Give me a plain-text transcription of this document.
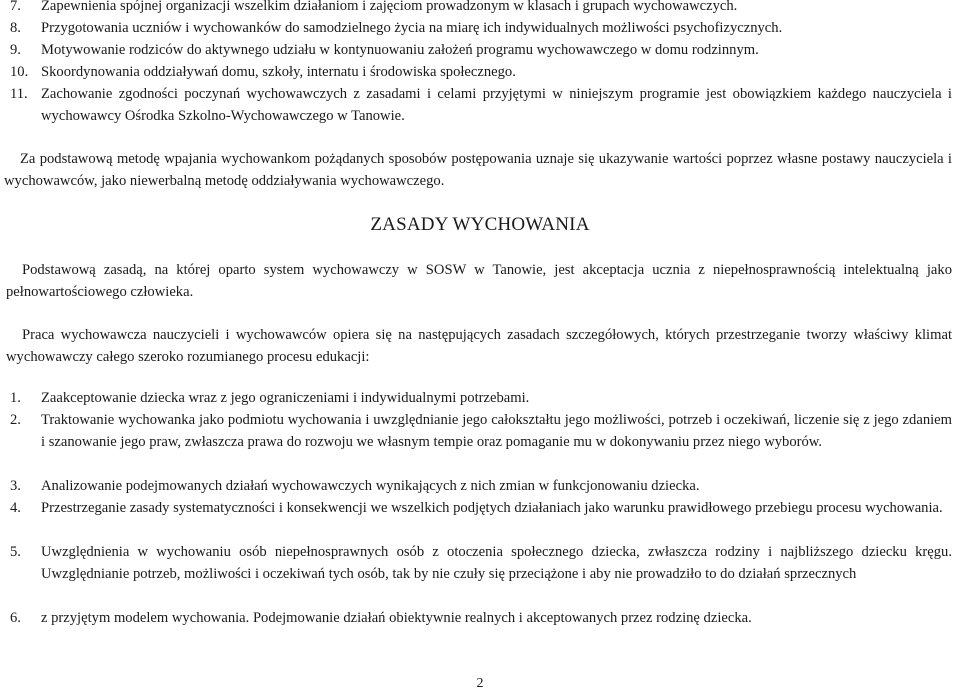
7. Zapewnienia spójnej organizacji wszelkim działaniom i zajęciom prowadzonym w klasach i grupach wychowawczych.
8. Przygotowania uczniów i wychowanków do samodzielnego życia na miarę ich indywidualnych możliwości psychofizycznych.
9. Motywowanie rodziców do aktywnego udziału w kontynuowaniu założeń programu wychowawczego w domu rodzinnym.
10. Skoordynowania oddziaływań domu, szkoły, internatu i środowiska społecznego.
11. Zachowanie zgodności poczynań wychowawczych z zasadami i celami przyjętymi w niniejszym programie jest obowiązkiem każdego nauczyciela i wychowawcy Ośrodka Szkolno-Wychowawczego w Tanowie.
Za podstawową metodę wpajania wychowankom pożądanych sposobów postępowania uznaje się ukazywanie wartości poprzez własne postawy nauczyciela i wychowawców, jako niewerbalną metodę oddziaływania wychowawczego.
ZASADY WYCHOWANIA
Podstawową zasadą, na której oparto system wychowawczy w SOSW w Tanowie, jest akceptacja ucznia z niepełnosprawnością intelektualną jako pełnowartościowego człowieka.
Praca wychowawcza nauczycieli i wychowawców opiera się na następujących zasadach szczegółowych, których przestrzeganie tworzy właściwy klimat wychowawczy całego szeroko rozumianego procesu edukacji:
1. Zaakceptowanie dziecka wraz z jego ograniczeniami i indywidualnymi potrzebami.
2. Traktowanie wychowanka jako podmiotu wychowania i uwzględnianie jego całokształtu jego możliwości, potrzeb i oczekiwań, liczenie się z jego zdaniem i szanowanie jego praw, zwłaszcza prawa do rozwoju we własnym tempie oraz pomaganie mu w dokonywaniu przez niego wyborów.
3. Analizowanie podejmowanych działań wychowawczych wynikających z nich zmian w funkcjonowaniu dziecka.
4. Przestrzeganie zasady systematyczności i konsekwencji we wszelkich podjętych działaniach jako warunku prawidłowego przebiegu procesu wychowania.
5. Uwzględnienia w wychowaniu osób niepełnosprawnych osób z otoczenia społecznego dziecka, zwłaszcza rodziny i najbliższego dziecku kręgu. Uwzględnianie potrzeb, możliwości i oczekiwań tych osób, tak by nie czuły się przeciążone i aby nie prowadziło to do działań sprzecznych
6. z przyjętym modelem wychowania. Podejmowanie działań obiektywnie realnych i akceptowanych przez rodzinę dziecka.
2
